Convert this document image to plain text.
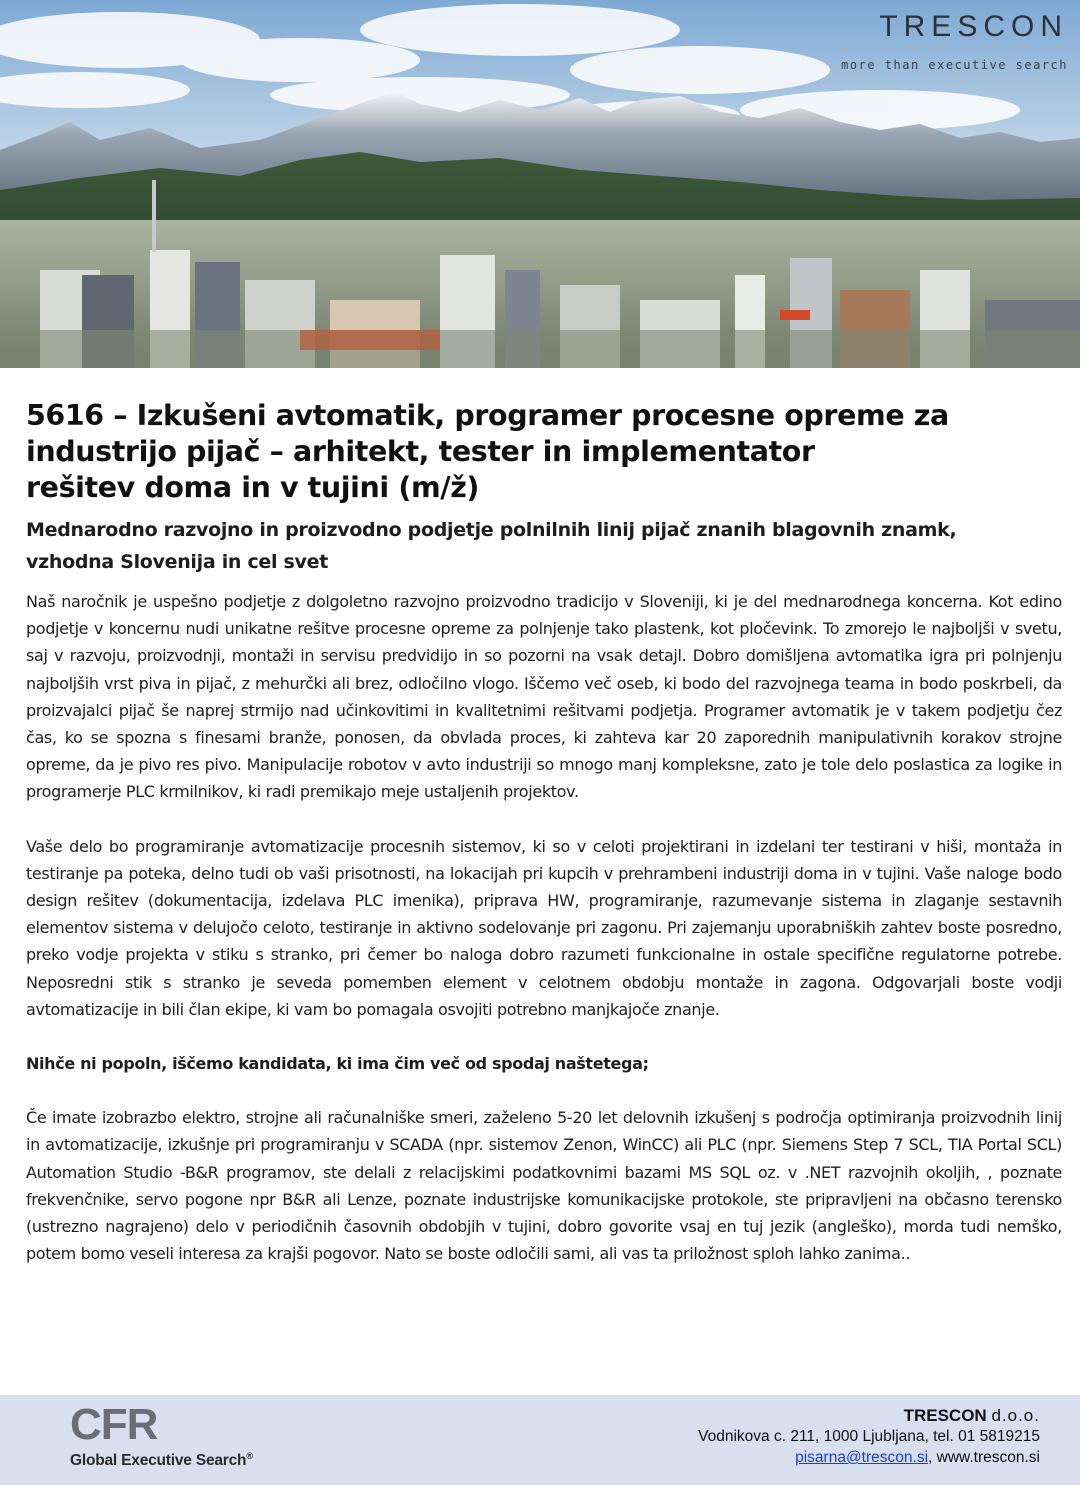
TRESCON
more than executive search
5616 – Izkušeni avtomatik, programer procesne opreme za
industrijo pijač – arhitekt, tester in implementator
rešitev doma in v tujini (m/ž)
Mednarodno razvojno in proizvodno podjetje polnilnih linij pijač znanih blagovnih znamk,
vzhodna Slovenija in cel svet

Naš naročnik je uspešno podjetje z dolgoletno razvojno proizvodno tradicijo v Sloveniji, ki je del mednarodnega koncerna. Kot edino podjetje v koncernu nudi unikatne rešitve procesne opreme za polnjenje tako plastenk, kot pločevink. To zmorejo le najboljši v svetu, saj v razvoju, proizvodnji, montaži in servisu predvidijo in so pozorni na vsak detajl. Dobro domišljena avtomatika igra pri polnjenju najboljših vrst piva in pijač, z mehurčki ali brez, odločilno vlogo. Iščemo več oseb, ki bodo del razvojnega teama in bodo poskrbeli, da proizvajalci pijač še naprej strmijo nad učinkovitimi in kvalitetnimi rešitvami podjetja. Programer avtomatik je v takem podjetju čez čas, ko se spozna s finesami branže, ponosen, da obvlada proces, ki zahteva kar 20 zaporednih manipulativnih korakov strojne opreme, da je pivo res pivo. Manipulacije robotov v avto industriji so mnogo manj kompleksne, zato je tole delo poslastica za logike in programerje PLC krmilnikov, ki radi premikajo meje ustaljenih projektov.

Vaše delo bo programiranje avtomatizacije procesnih sistemov, ki so v celoti projektirani in izdelani ter testirani v hiši, montaža in testiranje pa poteka, delno tudi ob vaši prisotnosti, na lokacijah pri kupcih v prehrambeni industriji doma in v tujini. Vaše naloge bodo design rešitev (dokumentacija, izdelava PLC imenika), priprava HW, programiranje, razumevanje sistema in zlaganje sestavnih elementov sistema v delujočo celoto, testiranje in aktivno sodelovanje pri zagonu. Pri zajemanju uporabniških zahtev boste posredno, preko vodje projekta v stiku s stranko, pri čemer bo naloga dobro razumeti funkcionalne in ostale specifične regulatorne potrebe. Neposredni stik s stranko je seveda pomemben element v celotnem obdobju montaže in zagona. Odgovarjali boste vodji avtomatizacije in bili član ekipe, ki vam bo pomagala osvojiti potrebno manjkajoče znanje.

Nihče ni popoln, iščemo kandidata, ki ima čim več od spodaj naštetega;

Če imate izobrazbo elektro, strojne ali računalniške smeri, zaželeno 5-20 let delovnih izkušenj s področja optimiranja proizvodnih linij in avtomatizacije, izkušnje pri programiranju v SCADA (npr. sistemov Zenon, WinCC) ali PLC (npr. Siemens Step 7 SCL, TIA Portal SCL) Automation Studio -B&R programov, ste delali z relacijskimi podatkovnimi bazami MS SQL oz. v .NET razvojnih okoljih, , poznate frekvenčnike, servo pogone npr B&R ali Lenze, poznate industrijske komunikacijske protokole, ste pripravljeni na občasno terensko (ustrezno nagrajeno) delo v periodičnih časovnih obdobjih v tujini, dobro govorite vsaj en tuj jezik (angleško), morda tudi nemško, potem bomo veseli interesa za krajši pogovor. Nato se boste odločili sami, ali vas ta priložnost sploh lahko zanima..

CFR
Global Executive Search®
TRESCON d.o.o.
Vodnikova c. 211, 1000 Ljubljana, tel. 01 5819215
pisarna@trescon.si, www.trescon.si
